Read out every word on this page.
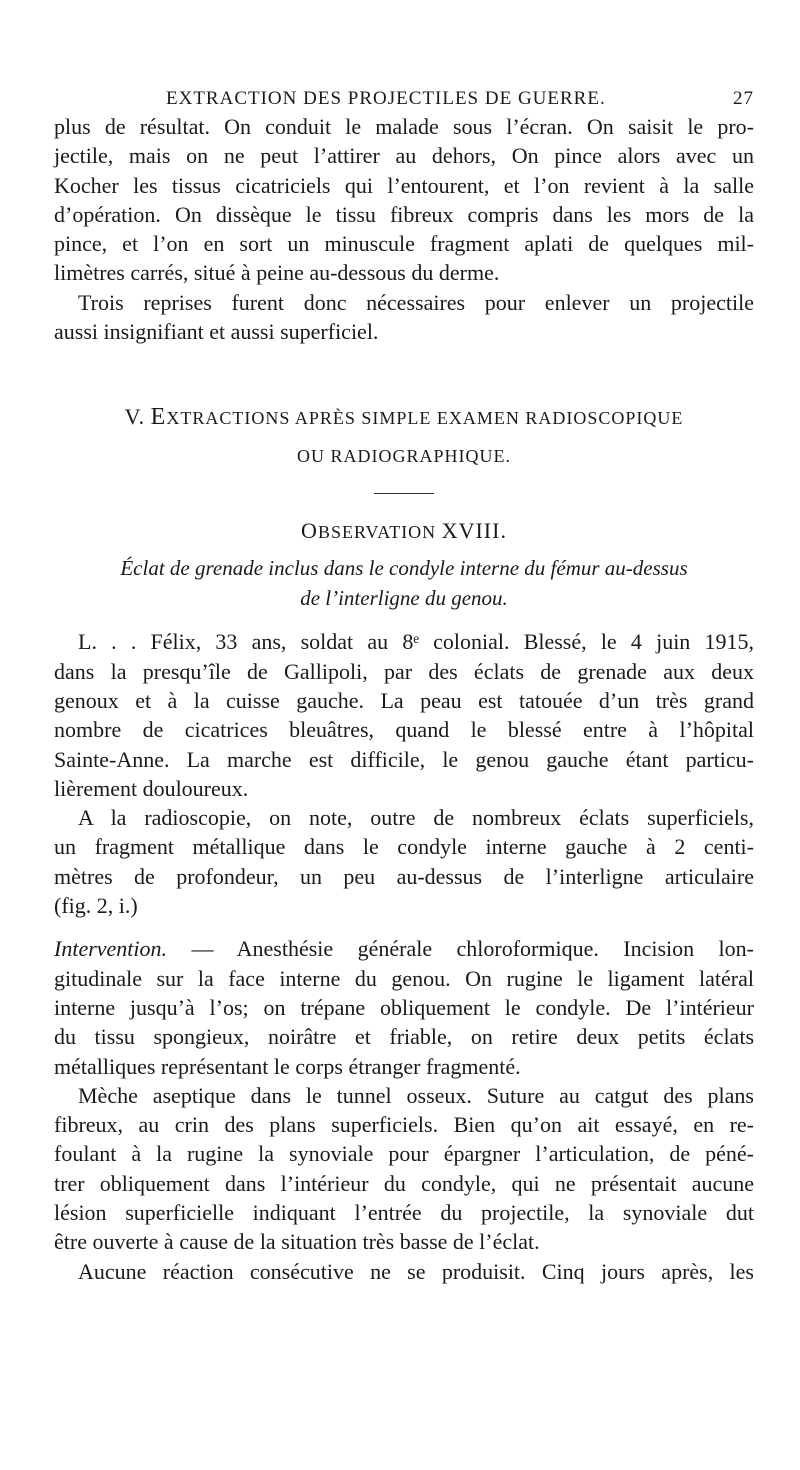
EXTRACTION DES PROJECTILES DE GUERRE.	27

plus de résultat. On conduit le malade sous l’écran. On saisit le pro-
jectile, mais on ne peut l’attirer au dehors, On pince alors avec un
Kocher les tissus cicatriciels qui l’entourent, et l’on revient à la salle
d’opération. On dissèque le tissu fibreux compris dans les mors de la
pince, et l’on en sort un minuscule fragment aplati de quelques mil-
limètres carrés, situé à peine au-dessous du derme.

Trois reprises furent donc nécessaires pour enlever un projectile
aussi insignifiant et aussi superficiel.

V. EXTRACTIONS APRÈS SIMPLE EXAMEN RADIOSCOPIQUE
OU RADIOGRAPHIQUE.
OBSERVATION XVIII.
Éclat de grenade inclus dans le condyle interne du fémur au-dessus
de l’interligne du genou.

L. . . Félix, 33 ans, soldat au 8ᵉ colonial. Blessé, le 4 juin 1915,
dans la presqu’île de Gallipoli, par des éclats de grenade aux deux
genoux et à la cuisse gauche. La peau est tatouée d’un très grand
nombre de cicatrices bleuâtres, quand le blessé entre à l’hôpital
Sainte-Anne. La marche est difficile, le genou gauche étant particu-
lièrement douloureux.

A la radioscopie, on note, outre de nombreux éclats superficiels,
un fragment métallique dans le condyle interne gauche à 2 centi-
mètres de profondeur, un peu au-dessus de l’interligne articulaire
(fig. 2, i.)

Intervention. — Anesthésie générale chloroformique. Incision lon-
gitudinale sur la face interne du genou. On rugine le ligament latéral
interne jusqu’à l’os; on trépane obliquement le condyle. De l’intérieur
du tissu spongieux, noirâtre et friable, on retire deux petits éclats
métalliques représentant le corps étranger fragmenté.

Mèche aseptique dans le tunnel osseux. Suture au catgut des plans
fibreux, au crin des plans superficiels. Bien qu’on ait essayé, en re-
foulant à la rugine la synoviale pour épargner l’articulation, de péné-
trer obliquement dans l’intérieur du condyle, qui ne présentait aucune
lésion superficielle indiquant l’entrée du projectile, la synoviale dut
être ouverte à cause de la situation très basse de l’éclat.

Aucune réaction consécutive ne se produisit. Cinq jours après, les
